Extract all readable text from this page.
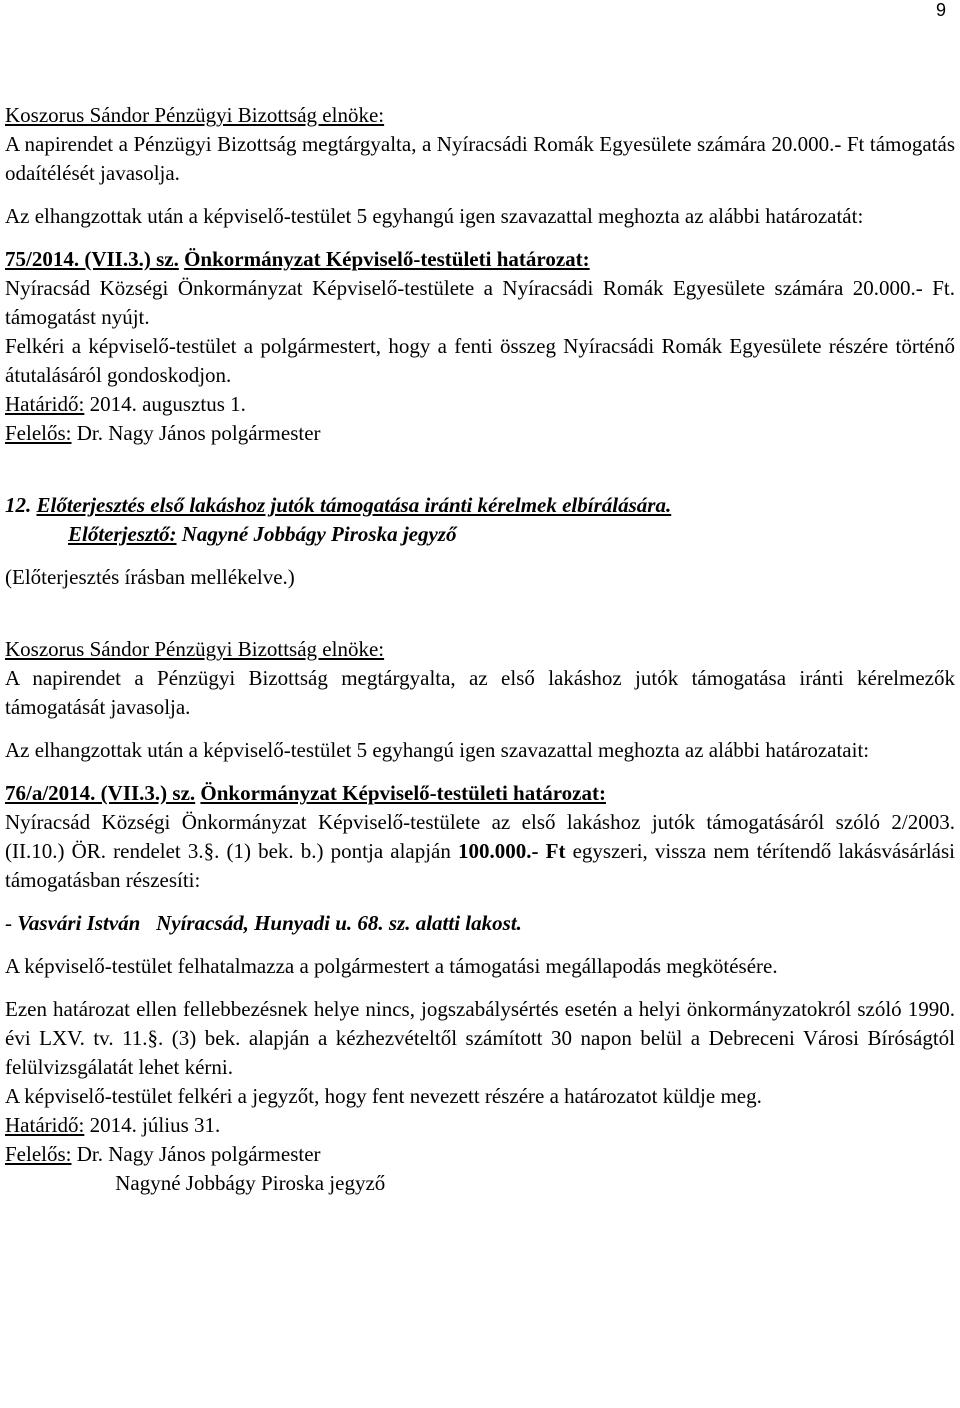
9

Koszorus Sándor Pénzügyi Bizottság elnöke:

A napirendet a Pénzügyi Bizottság megtárgyalta, a Nyíracsádi Romák Egyesülete számára 20.000.- Ft támogatás odaítélését javasolja.

Az elhangzottak után a képviselő-testület 5 egyhangú igen szavazattal meghozta az alábbi határozatát:

75/2014. (VII.3.) sz. Önkormányzat Képviselő-testületi határozat:

Nyíracsád Községi Önkormányzat Képviselő-testülete a Nyíracsádi Romák Egyesülete számára 20.000.- Ft. támogatást nyújt.

Felkéri a képviselő-testület a polgármestert, hogy a fenti összeg Nyíracsádi Romák Egyesülete részére történő átutalásáról gondoskodjon.

Határidő: 2014. augusztus 1.

Felelős: Dr. Nagy János polgármester

12. Előterjesztés első lakáshoz jutók támogatása iránti kérelmek elbírálására.

Előterjesztő: Nagyné Jobbágy Piroska jegyző

(Előterjesztés írásban mellékelve.)

Koszorus Sándor Pénzügyi Bizottság elnöke:

A napirendet a Pénzügyi Bizottság megtárgyalta, az első lakáshoz jutók támogatása iránti kérelmezők támogatását javasolja.

Az elhangzottak után a képviselő-testület 5 egyhangú igen szavazattal meghozta az alábbi határozatait:

76/a/2014. (VII.3.) sz. Önkormányzat Képviselő-testületi határozat:

Nyíracsád Községi Önkormányzat Képviselő-testülete az első lakáshoz jutók támogatásáról szóló 2/2003. (II.10.) ÖR. rendelet 3.§. (1) bek. b.) pontja alapján 100.000.- Ft egyszeri, vissza nem térítendő lakásvásárlási támogatásban részesíti:

- Vasvári István Nyíracsád, Hunyadi u. 68. sz. alatti lakost.

A képviselő-testület felhatalmazza a polgármestert a támogatási megállapodás megkötésére.

Ezen határozat ellen fellebbezésnek helye nincs, jogszabálysértés esetén a helyi önkormányzatokról szóló 1990. évi LXV. tv. 11.§. (3) bek. alapján a kézhezvételtől számított 30 napon belül a Debreceni Városi Bíróságtól felülvizsgálatát lehet kérni.

A képviselő-testület felkéri a jegyzőt, hogy fent nevezett részére a határozatot küldje meg.

Határidő: 2014. július 31.

Felelős: Dr. Nagy János polgármester

Nagyné Jobbágy Piroska jegyző
